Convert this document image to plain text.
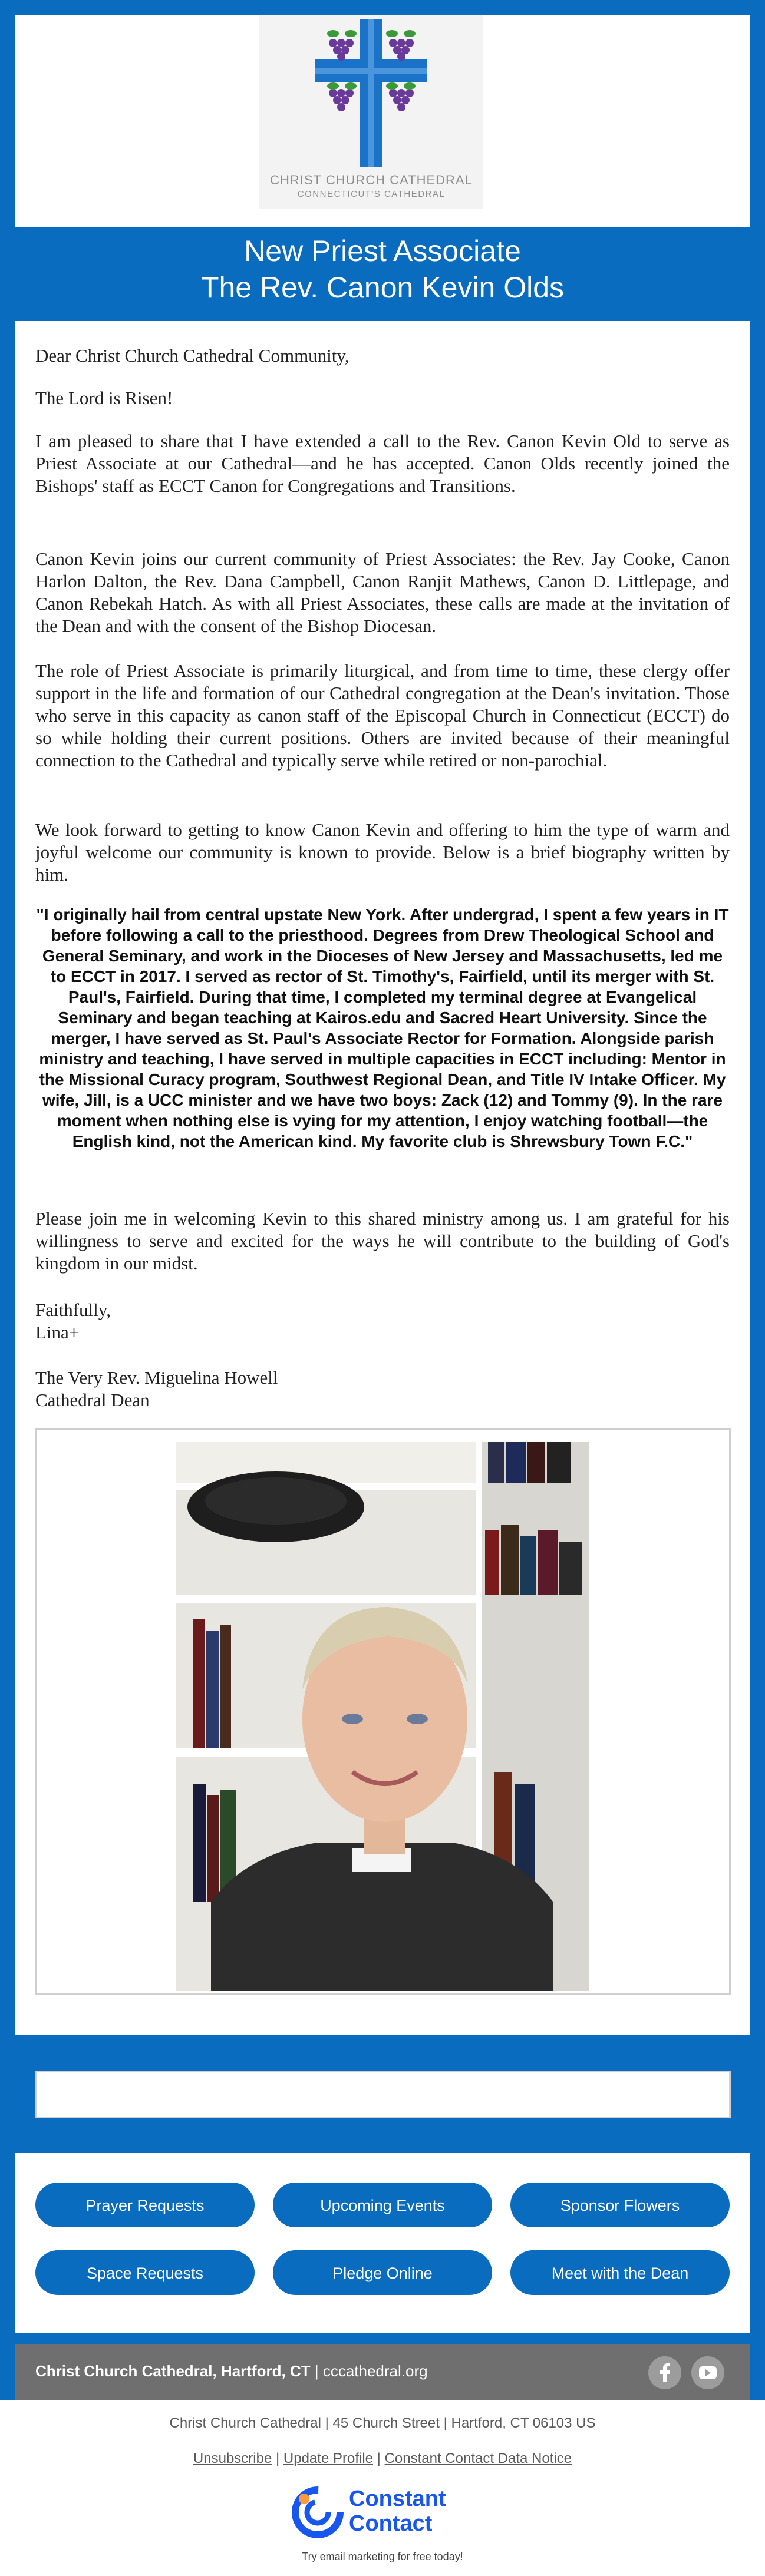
CHRIST CHURCH CATHEDRAL
CONNECTICUT'S CATHEDRAL
New Priest Associate
The Rev. Canon Kevin Olds

Dear Christ Church Cathedral Community,

The Lord is Risen!

I am pleased to share that I have extended a call to the Rev. Canon Kevin Old to serve as Priest Associate at our Cathedral—and he has accepted. Canon Olds recently joined the Bishops' staff as ECCT Canon for Congregations and Transitions.

Canon Kevin joins our current community of Priest Associates: the Rev. Jay Cooke, Canon Harlon Dalton, the Rev. Dana Campbell, Canon Ranjit Mathews, Canon D. Littlepage, and Canon Rebekah Hatch. As with all Priest Associates, these calls are made at the invitation of the Dean and with the consent of the Bishop Diocesan.

The role of Priest Associate is primarily liturgical, and from time to time, these clergy offer support in the life and formation of our Cathedral congregation at the Dean's invitation. Those who serve in this capacity as canon staff of the Episcopal Church in Connecticut (ECCT) do so while holding their current positions. Others are invited because of their meaningful connection to the Cathedral and typically serve while retired or non-parochial.

We look forward to getting to know Canon Kevin and offering to him the type of warm and joyful welcome our community is known to provide. Below is a brief biography written by him.

"I originally hail from central upstate New York. After undergrad, I spent a few years in IT before following a call to the priesthood. Degrees from Drew Theological School and General Seminary, and work in the Dioceses of New Jersey and Massachusetts, led me to ECCT in 2017. I served as rector of St. Timothy's, Fairfield, until its merger with St. Paul's, Fairfield. During that time, I completed my terminal degree at Evangelical Seminary and began teaching at Kairos.edu and Sacred Heart University. Since the merger, I have served as St. Paul's Associate Rector for Formation. Alongside parish ministry and teaching, I have served in multiple capacities in ECCT including: Mentor in the Missional Curacy program, Southwest Regional Dean, and Title IV Intake Officer. My wife, Jill, is a UCC minister and we have two boys: Zack (12) and Tommy (9). In the rare moment when nothing else is vying for my attention, I enjoy watching football—the English kind, not the American kind. My favorite club is Shrewsbury Town F.C."

Please join me in welcoming Kevin to this shared ministry among us. I am grateful for his willingness to serve and excited for the ways he will contribute to the building of God's kingdom in our midst.

Faithfully,

Lina+

The Very Rev. Miguelina Howell

Cathedral Dean

Prayer Requests	Upcoming Events	Sponsor Flowers
Space Requests	Pledge Online	Meet with the Dean
Christ Church Cathedral, Hartford, CT | cccathedral.org
Christ Church Cathedral | 45 Church Street | Hartford, CT 06103 US
Unsubscribe | Update Profile | Constant Contact Data Notice
Constant
Contact
Try email marketing for free today!
